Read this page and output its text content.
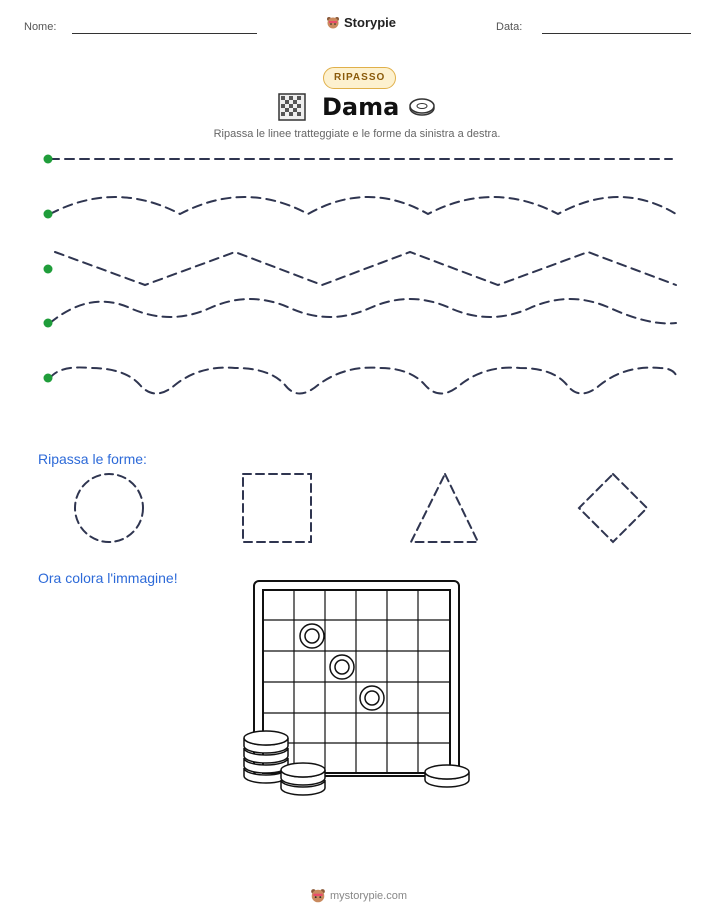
Nome:	Storypie	Data:
RIPASSO
Dama
Ripassa le linee tratteggiate e le forme da sinistra a destra.
Ripassa le forme:
Ora colora l'immagine!
mystorypie.com
